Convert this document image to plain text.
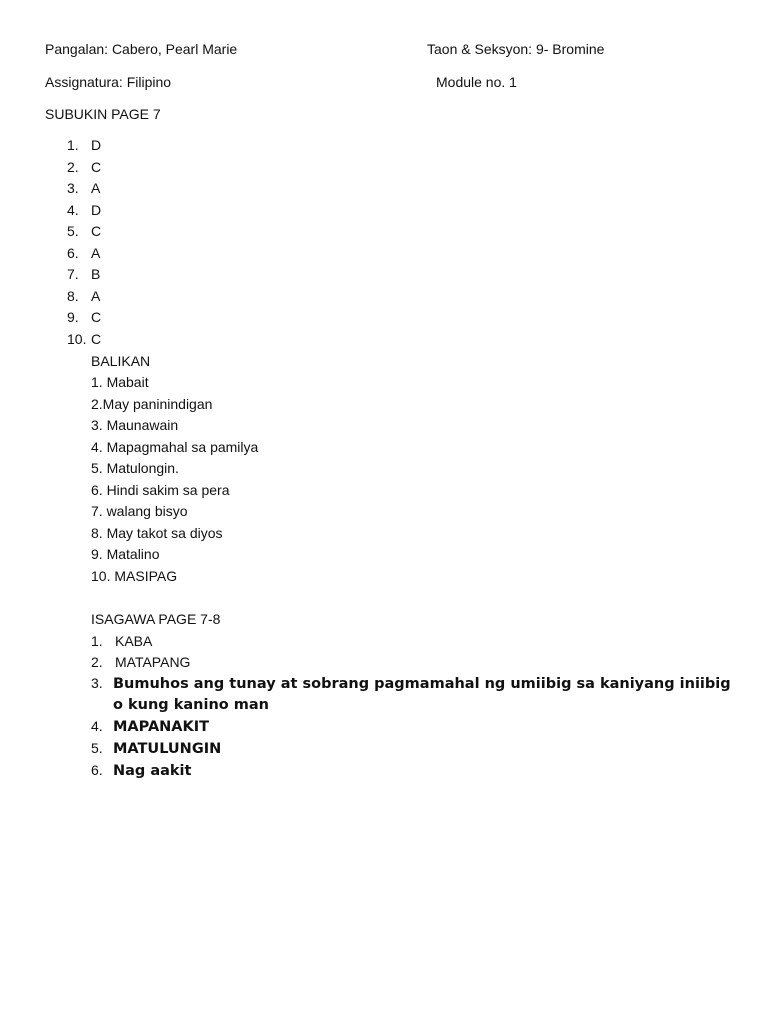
Pangalan: Cabero, Pearl Marie	Taon & Seksyon: 9- Bromine
Assignatura: Filipino	Module no. 1
SUBUKIN PAGE 7
1. D
2. C
3. A
4. D
5. C
6. A
7. B
8. A
9. C
10. C
BALIKAN
1. Mabait
2.May paninindigan
3. Maunawain
4. Mapagmahal sa pamilya
5. Matulongin.
6. Hindi sakim sa pera
7. walang bisyo
8. May takot sa diyos
9. Matalino
10. MASIPAG
ISAGAWA PAGE 7-8
1. KABA
2. MATAPANG
3. Bumuhos ang tunay at sobrang pagmamahal ng umiibig sa kaniyang iniibig o kung kanino man
4. MAPANAKIT
5. MATULUNGIN
6. Nag aakit
